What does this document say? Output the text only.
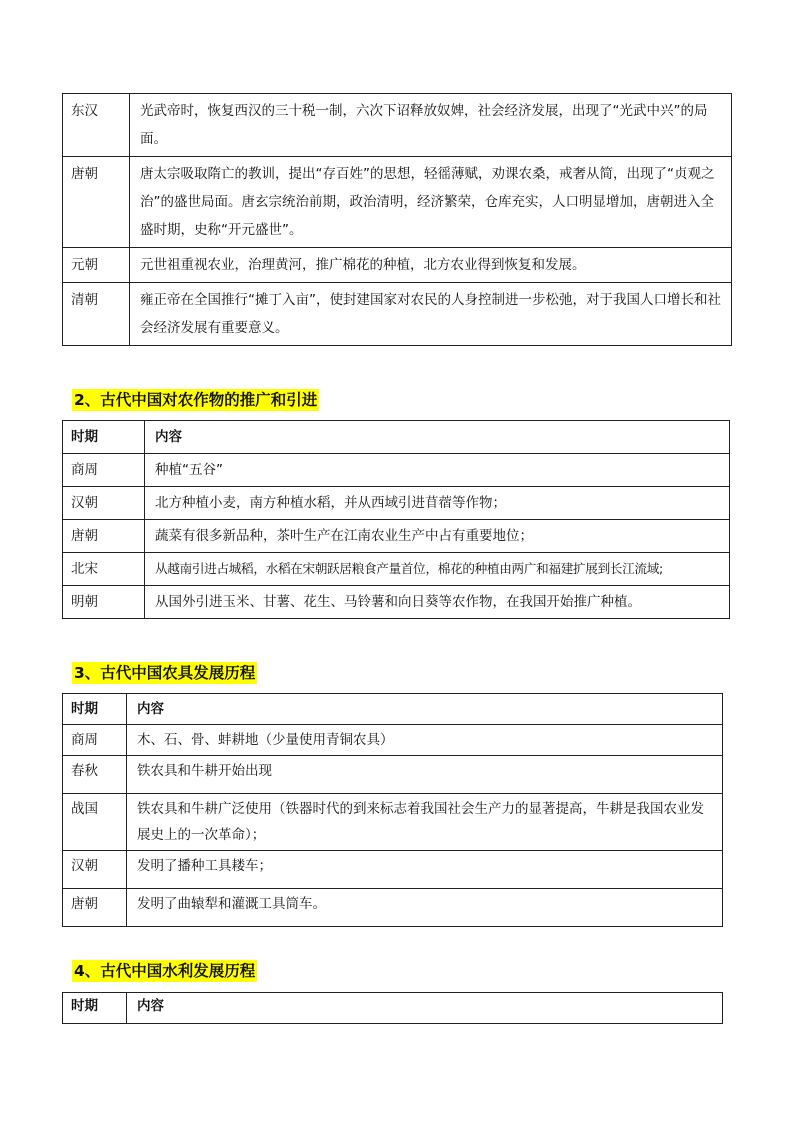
东汉	光武帝时，恢复西汉的三十税一制，六次下诏释放奴婢，社会经济发展，出现了“光武中兴”的局面。
唐朝	唐太宗吸取隋亡的教训，提出“存百姓”的思想，轻徭薄赋，劝课农桑，戒奢从简，出现了“贞观之治”的盛世局面。唐玄宗统治前期，政治清明，经济繁荣，仓库充实，人口明显增加，唐朝进入全盛时期，史称“开元盛世”。
元朝	元世祖重视农业，治理黄河，推广棉花的种植，北方农业得到恢复和发展。
清朝	雍正帝在全国推行“摊丁入亩”，使封建国家对农民的人身控制进一步松弛，对于我国人口增长和社会经济发展有重要意义。
2、古代中国对农作物的推广和引进
时期	内容
商周	种植“五谷”
汉朝	北方种植小麦，南方种植水稻，并从西域引进苜蓿等作物；
唐朝	蔬菜有很多新品种，茶叶生产在江南农业生产中占有重要地位；
北宋	从越南引进占城稻，水稻在宋朝跃居粮食产量首位，棉花的种植由两广和福建扩展到长江流域;
明朝	从国外引进玉米、甘薯、花生、马铃薯和向日葵等农作物，在我国开始推广种植。
3、古代中国农具发展历程
时期	内容
商周	木、石、骨、蚌耕地（少量使用青铜农具）
春秋	铁农具和牛耕开始出现
战国	铁农具和牛耕广泛使用（铁器时代的到来标志着我国社会生产力的显著提高，牛耕是我国农业发展史上的一次革命）；
汉朝	发明了播种工具耧车；
唐朝	发明了曲辕犁和灌溉工具筒车。
4、古代中国水利发展历程
时期	内容
